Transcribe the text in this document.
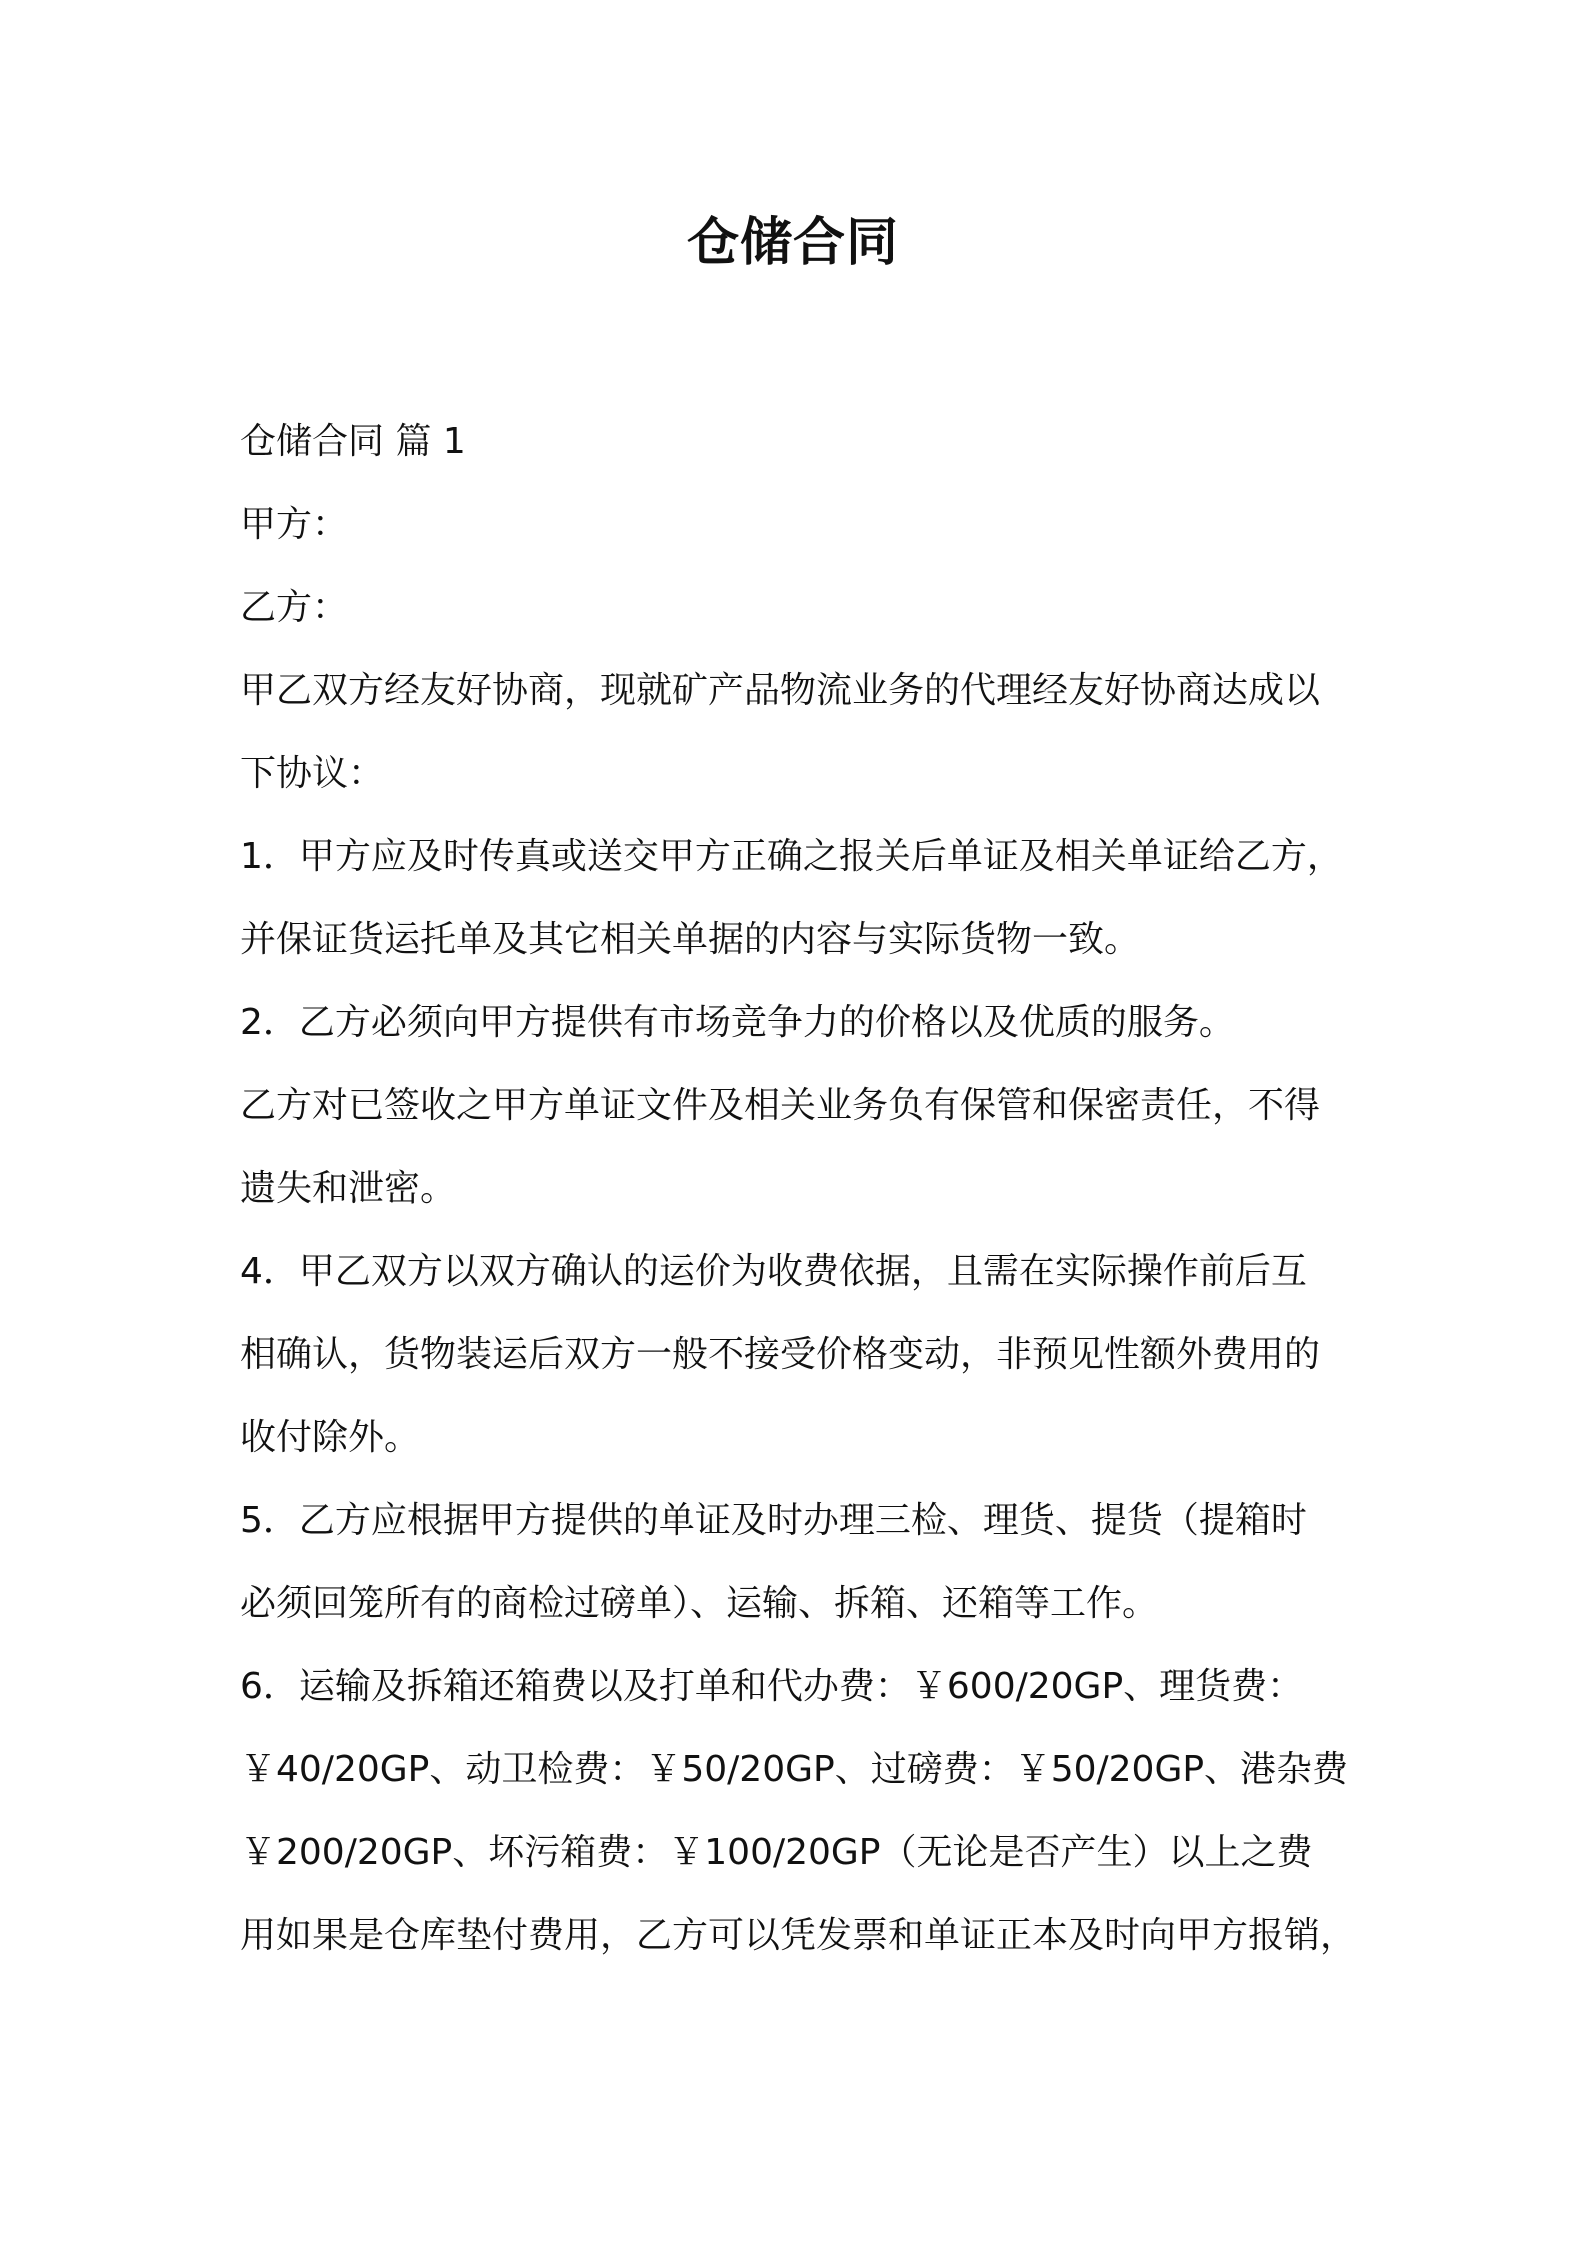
仓储合同
仓储合同 篇 1
甲方：
乙方：
甲乙双方经友好协商，现就矿产品物流业务的代理经友好协商达成以
下协议：
1．甲方应及时传真或送交甲方正确之报关后单证及相关单证给乙方，
并保证货运托单及其它相关单据的内容与实际货物一致。
2．乙方必须向甲方提供有市场竞争力的价格以及优质的服务。
乙方对已签收之甲方单证文件及相关业务负有保管和保密责任，不得
遗失和泄密。
4．甲乙双方以双方确认的运价为收费依据，且需在实际操作前后互
相确认，货物装运后双方一般不接受价格变动，非预见性额外费用的
收付除外。
5．乙方应根据甲方提供的单证及时办理三检、理货、提货（提箱时
必须回笼所有的商检过磅单）、运输、拆箱、还箱等工作。
6．运输及拆箱还箱费以及打单和代办费：￥600/20GP、理货费：
￥40/20GP、动卫检费：￥50/20GP、过磅费：￥50/20GP、港杂费
￥200/20GP、坏污箱费：￥100/20GP（无论是否产生）以上之费
用如果是仓库垫付费用，乙方可以凭发票和单证正本及时向甲方报销，
